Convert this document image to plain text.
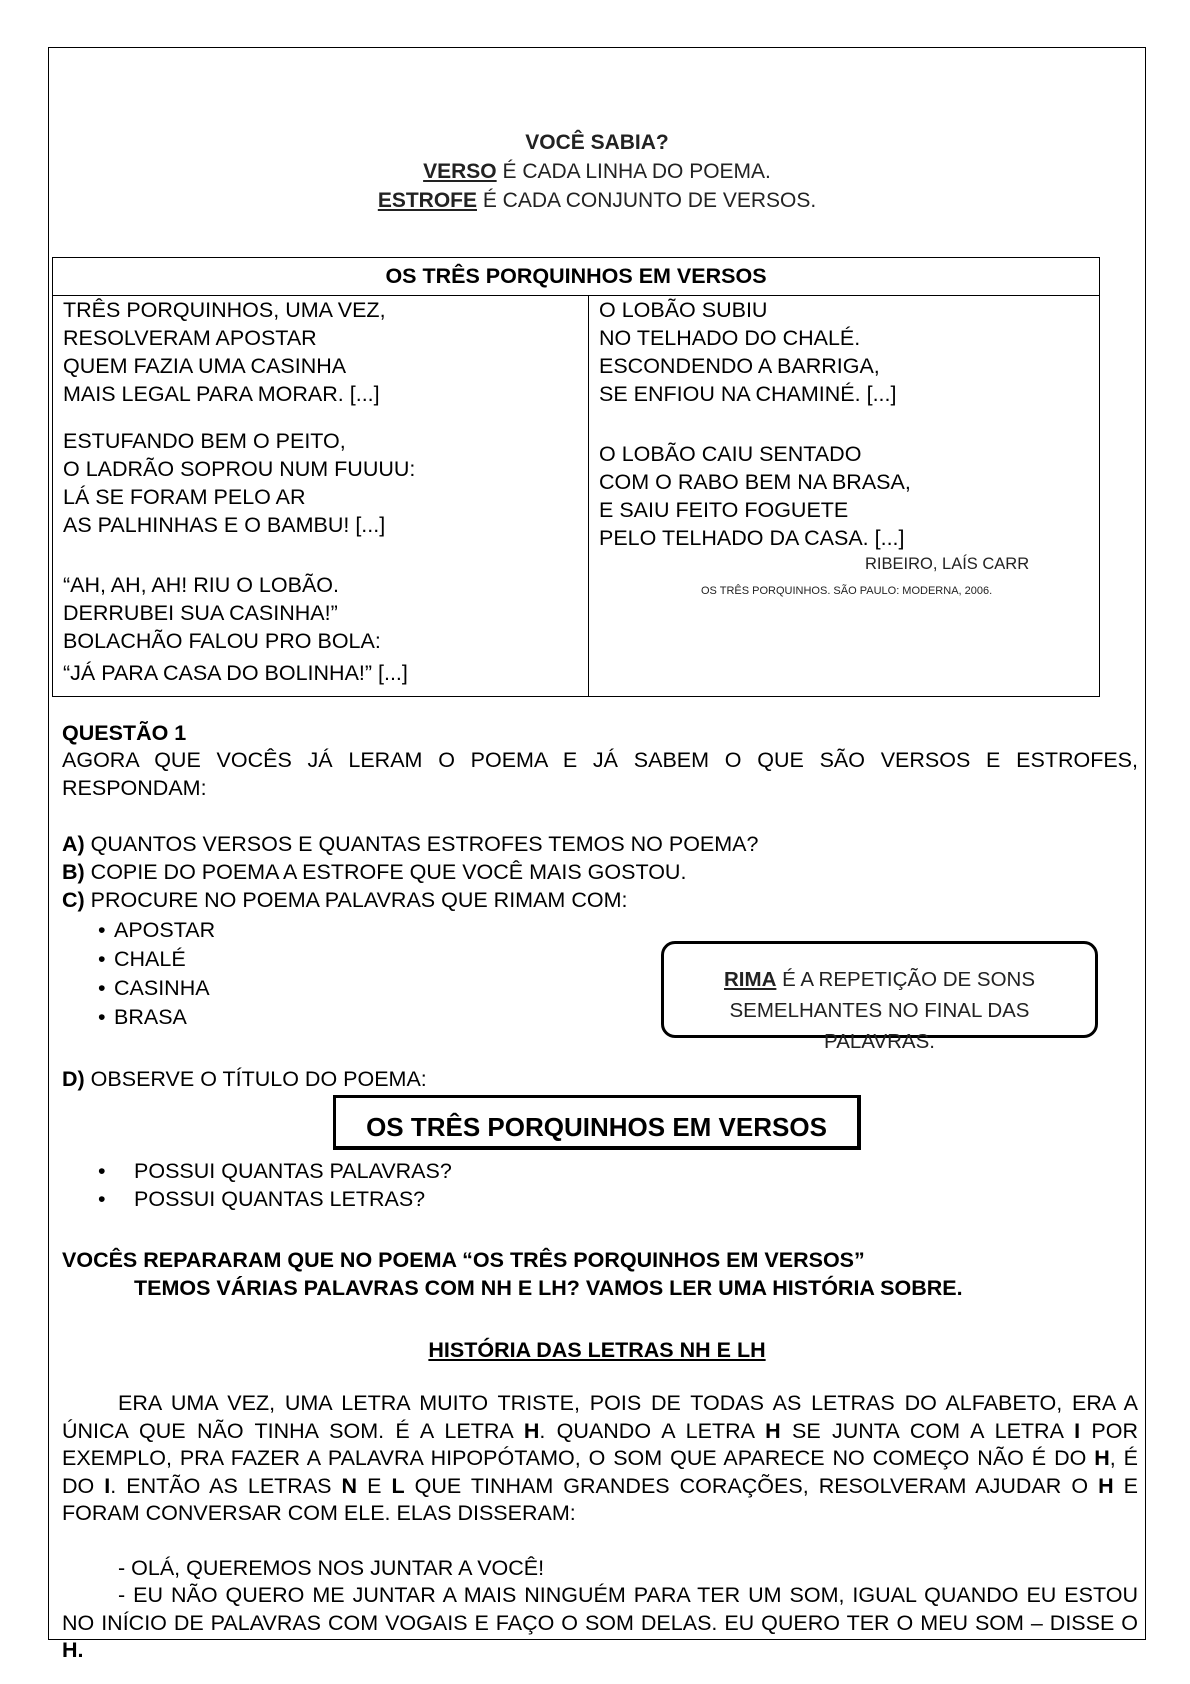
VOCÊ SABIA?
VERSO É CADA LINHA DO POEMA.
ESTROFE É CADA CONJUNTO DE VERSOS.
OS TRÊS PORQUINHOS EM VERSOS
TRÊS PORQUINHOS, UMA VEZ,
RESOLVERAM APOSTAR
QUEM FAZIA UMA CASINHA
MAIS LEGAL PARA MORAR. [...]
ESTUFANDO BEM O PEITO,
O LADRÃO SOPROU NUM FUUUU:
LÁ SE FORAM PELO AR
AS PALHINHAS E O BAMBU! [...]
“AH, AH, AH! RIU O LOBÃO.
DERRUBEI SUA CASINHA!”
BOLACHÃO FALOU PRO BOLA:
“JÁ PARA CASA DO BOLINHA!” [...]
O LOBÃO SUBIU
NO TELHADO DO CHALÉ.
ESCONDENDO A BARRIGA,
SE ENFIOU NA CHAMINÉ. [...]
O LOBÃO CAIU SENTADO
COM O RABO BEM NA BRASA,
E SAIU FEITO FOGUETE
PELO TELHADO DA CASA. [...]
RIBEIRO, LAÍS CARR
OS TRÊS PORQUINHOS. SÃO PAULO: MODERNA, 2006.
QUESTÃO 1
AGORA QUE VOCÊS JÁ LERAM O POEMA E JÁ SABEM O QUE SÃO VERSOS E ESTROFES, RESPONDAM:
A) QUANTOS VERSOS E QUANTAS ESTROFES TEMOS NO POEMA?
B) COPIE DO POEMA A ESTROFE QUE VOCÊ MAIS GOSTOU.
C) PROCURE NO POEMA PALAVRAS QUE RIMAM COM:
• APOSTAR
• CHALÉ
• CASINHA
• BRASA
RIMA É A REPETIÇÃO DE SONS
SEMELHANTES NO FINAL DAS
PALAVRAS.
D) OBSERVE O TÍTULO DO POEMA:
OS TRÊS PORQUINHOS EM VERSOS
• POSSUI QUANTAS PALAVRAS?
• POSSUI QUANTAS LETRAS?
VOCÊS REPARARAM QUE NO POEMA “OS TRÊS PORQUINHOS EM VERSOS”
TEMOS VÁRIAS PALAVRAS COM NH E LH? VAMOS LER UMA HISTÓRIA SOBRE.
HISTÓRIA DAS LETRAS NH E LH
ERA UMA VEZ, UMA LETRA MUITO TRISTE, POIS DE TODAS AS LETRAS DO ALFABETO, ERA A ÚNICA QUE NÃO TINHA SOM. É A LETRA H. QUANDO A LETRA H SE JUNTA COM A LETRA I POR EXEMPLO, PRA FAZER A PALAVRA HIPOPÓTAMO, O SOM QUE APARECE NO COMEÇO NÃO É DO H, É DO I. ENTÃO AS LETRAS N E L QUE TINHAM GRANDES CORAÇÕES, RESOLVERAM AJUDAR O H E FORAM CONVERSAR COM ELE. ELAS DISSERAM:
- OLÁ, QUEREMOS NOS JUNTAR A VOCÊ!
- EU NÃO QUERO ME JUNTAR A MAIS NINGUÉM PARA TER UM SOM, IGUAL QUANDO EU ESTOU NO INÍCIO DE PALAVRAS COM VOGAIS E FAÇO O SOM DELAS. EU QUERO TER O MEU SOM – DISSE O H.
